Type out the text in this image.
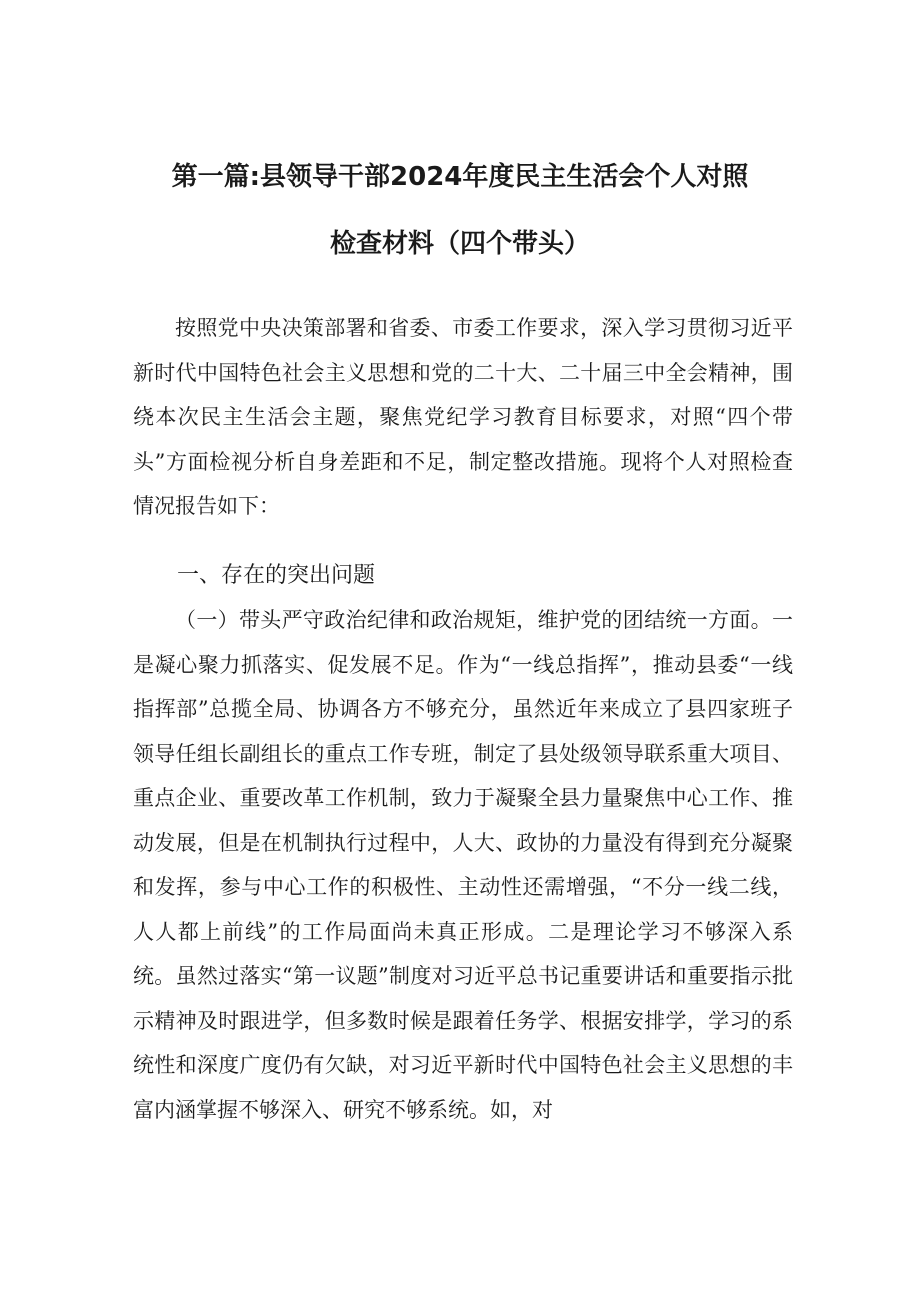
第一篇:县领导干部2024年度民主生活会个人对照
检查材料（四个带头）

按照党中央决策部署和省委、市委工作要求，深入学习贯彻习近平新时代中国特色社会主义思想和党的二十大、二十届三中全会精神，围绕本次民主生活会主题，聚焦党纪学习教育目标要求，对照“四个带头”方面检视分析自身差距和不足，制定整改措施。现将个人对照检查情况报告如下：

一、存在的突出问题

（一）带头严守政治纪律和政治规矩，维护党的团结统一方面。一是凝心聚力抓落实、促发展不足。作为“一线总指挥”，推动县委“一线指挥部”总揽全局、协调各方不够充分，虽然近年来成立了县四家班子领导任组长副组长的重点工作专班，制定了县处级领导联系重大项目、重点企业、重要改革工作机制，致力于凝聚全县力量聚焦中心工作、推动发展，但是在机制执行过程中，人大、政协的力量没有得到充分凝聚和发挥，参与中心工作的积极性、主动性还需增强，“不分一线二线，人人都上前线”的工作局面尚未真正形成。二是理论学习不够深入系统。虽然过落实“第一议题”制度对习近平总书记重要讲话和重要指示批示精神及时跟进学，但多数时候是跟着任务学、根据安排学，学习的系统性和深度广度仍有欠缺，对习近平新时代中国特色社会主义思想的丰富内涵掌握不够深入、研究不够系统。如，对
